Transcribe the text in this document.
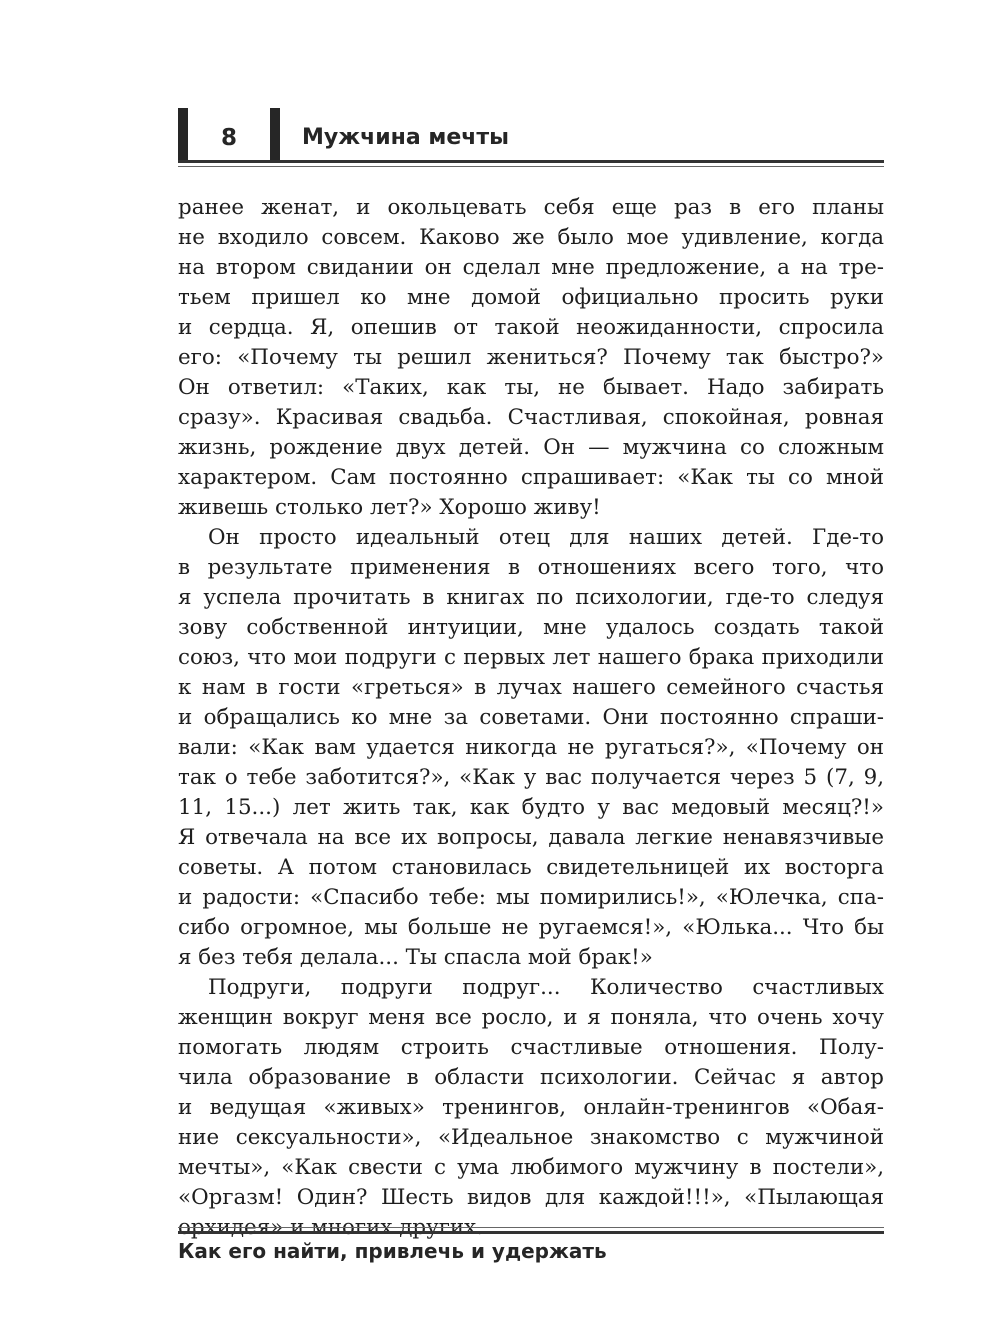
8	Мужчина мечты
ранее женат, и окольцевать себя еще раз в его планы
не входило совсем. Каково же было мое удивление, когда
на втором свидании он сделал мне предложение, а на тре-
тьем пришел ко мне домой официально просить руки
и сердца. Я, опешив от такой неожиданности, спросила
его: «Почему ты решил жениться? Почему так быстро?»
Он ответил: «Таких, как ты, не бывает. Надо забирать
сразу». Красивая свадьба. Счастливая, спокойная, ровная
жизнь, рождение двух детей. Он — мужчина со сложным
характером. Сам постоянно спрашивает: «Как ты со мной
живешь столько лет?» Хорошо живу!
Он просто идеальный отец для наших детей. Где-то
в результате применения в отношениях всего того, что
я успела прочитать в книгах по психологии, где-то следуя
зову собственной интуиции, мне удалось создать такой
союз, что мои подруги с первых лет нашего брака приходили
к нам в гости «греться» в лучах нашего семейного счастья
и обращались ко мне за советами. Они постоянно спраши-
вали: «Как вам удается никогда не ругаться?», «Почему он
так о тебе заботится?», «Как у вас получается через 5 (7, 9,
11, 15...) лет жить так, как будто у вас медовый месяц?!»
Я отвечала на все их вопросы, давала легкие ненавязчивые
советы. А потом становилась свидетельницей их восторга
и радости: «Спасибо тебе: мы помирились!», «Юлечка, спа-
сибо огромное, мы больше не ругаемся!», «Юлька... Что бы
я без тебя делала... Ты спасла мой брак!»
Подруги, подруги подруг... Количество счастливых
женщин вокруг меня все росло, и я поняла, что очень хочу
помогать людям строить счастливые отношения. Полу-
чила образование в области психологии. Сейчас я автор
и ведущая «живых» тренингов, онлайн-тренингов «Обая-
ние сексуальности», «Идеальное знакомство с мужчиной
мечты», «Как свести с ума любимого мужчину в постели»,
«Оргазм! Один? Шесть видов для каждой!!!», «Пылающая
Как его найти, привлечь и удержать
